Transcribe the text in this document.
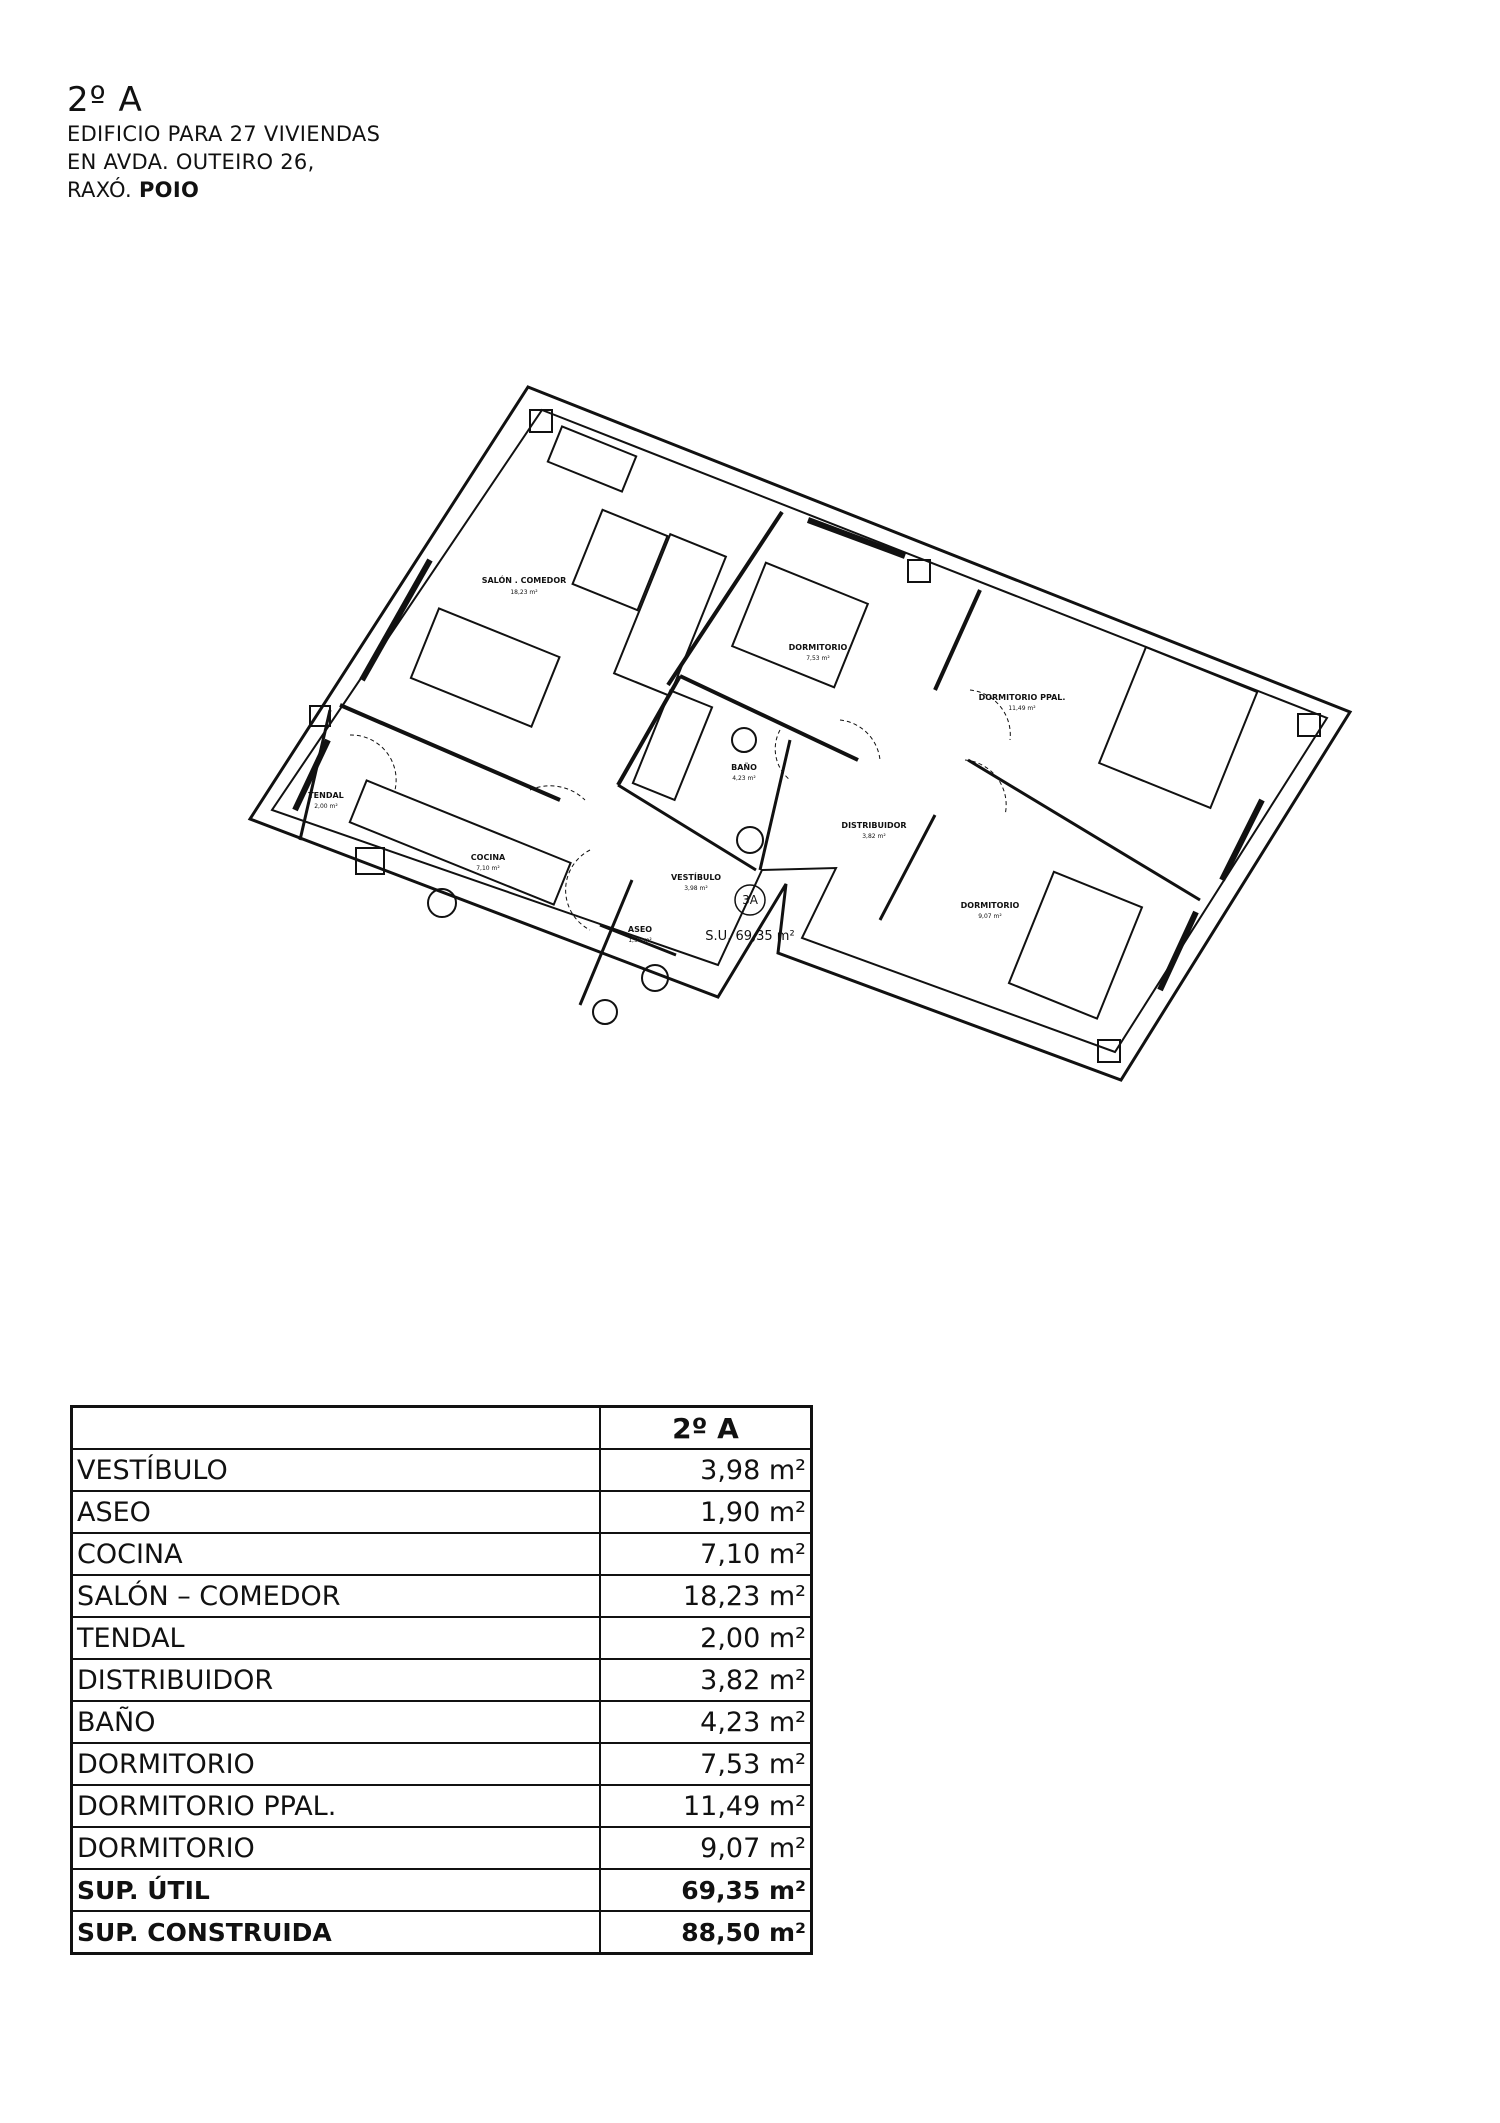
2º A
EDIFICIO PARA 27 VIVIENDAS
EN AVDA. OUTEIRO 26,
RAXÓ. POIO
SALÓN . COMEDOR
18,23 m²
DORMITORIO
7,53 m²
DORMITORIO PPAL.
11,49 m²
BAÑO
4,23 m²
TENDAL
2,00 m²
COCINA
7,10 m²
DISTRIBUIDOR
3,82 m²
VESTÍBULO
3,98 m²
ASEO
1,90 m²
DORMITORIO
9,07 m²
3A
S.U. 69,35 m²
	2º A
VESTÍBULO	3,98 m²
ASEO	1,90 m²
COCINA	7,10 m²
SALÓN – COMEDOR	18,23 m²
TENDAL	2,00 m²
DISTRIBUIDOR	3,82 m²
BAÑO	4,23 m²
DORMITORIO	7,53 m²
DORMITORIO PPAL.	11,49 m²
DORMITORIO	9,07 m²
SUP. ÚTIL	69,35 m²
SUP. CONSTRUIDA	88,50 m²
